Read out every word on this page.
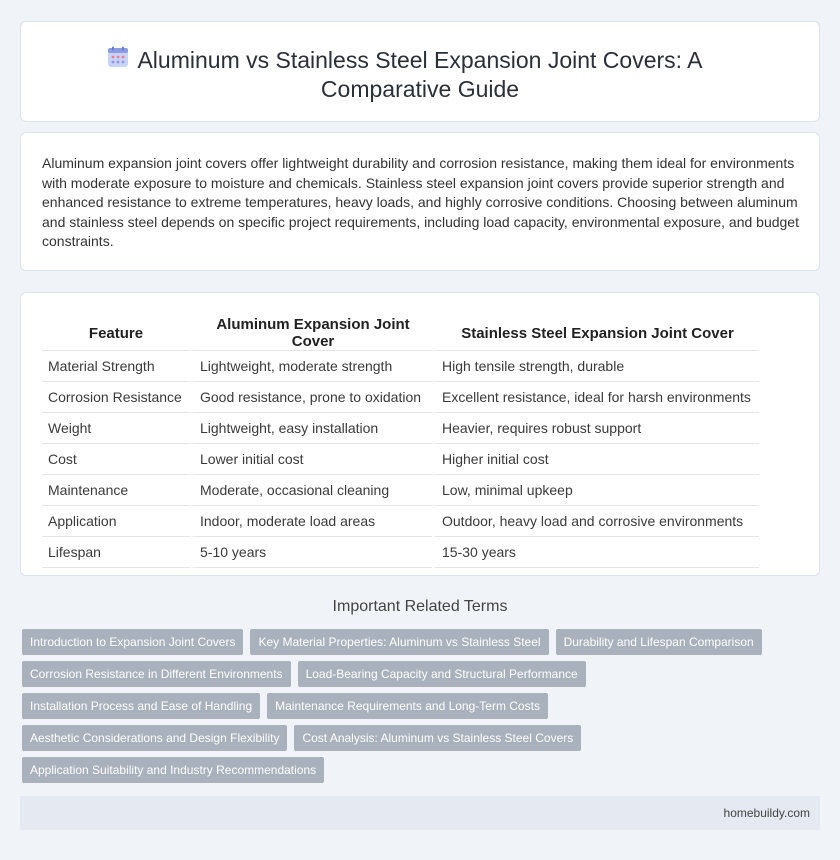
Aluminum vs Stainless Steel Expansion Joint Covers: A
Comparative Guide

Aluminum expansion joint covers offer lightweight durability and corrosion resistance, making them ideal for environments with moderate exposure to moisture and chemicals. Stainless steel expansion joint covers provide superior strength and enhanced resistance to extreme temperatures, heavy loads, and highly corrosive conditions. Choosing between aluminum and stainless steel depends on specific project requirements, including load capacity, environmental exposure, and budget constraints.

Feature	Aluminum Expansion Joint Cover	Stainless Steel Expansion Joint Cover
Material Strength	Lightweight, moderate strength	High tensile strength, durable
Corrosion Resistance	Good resistance, prone to oxidation	Excellent resistance, ideal for harsh environments
Weight	Lightweight, easy installation	Heavier, requires robust support
Cost	Lower initial cost	Higher initial cost
Maintenance	Moderate, occasional cleaning	Low, minimal upkeep
Application	Indoor, moderate load areas	Outdoor, heavy load and corrosive environments
Lifespan	5-10 years	15-30 years
Important Related Terms
Introduction to Expansion Joint Covers	Key Material Properties: Aluminum vs Stainless Steel	Durability and Lifespan Comparison
Corrosion Resistance in Different Environments	Load-Bearing Capacity and Structural Performance
Installation Process and Ease of Handling	Maintenance Requirements and Long-Term Costs
Aesthetic Considerations and Design Flexibility	Cost Analysis: Aluminum vs Stainless Steel Covers
Application Suitability and Industry Recommendations
homebuildy.com
